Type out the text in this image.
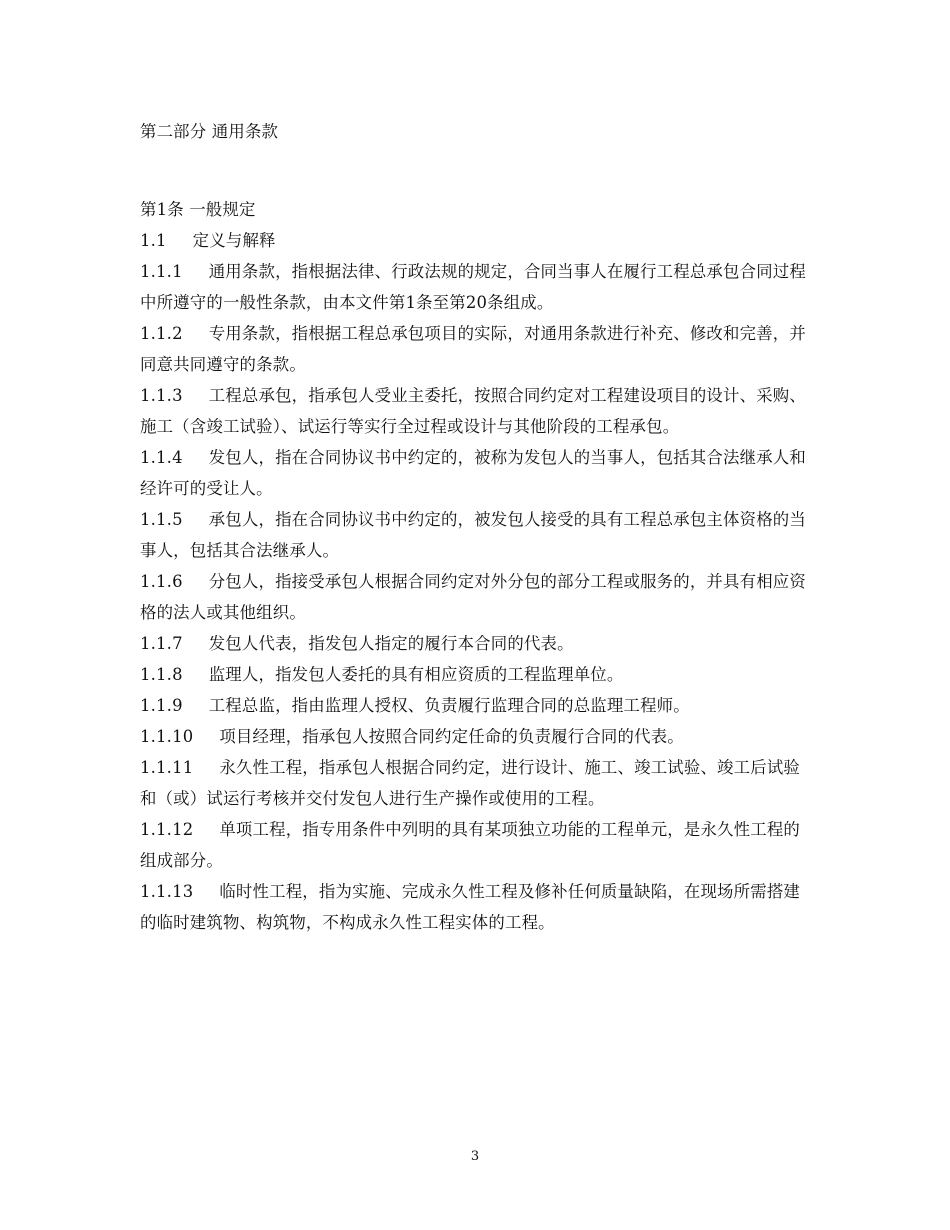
第二部分 通用条款

第1条 一般规定

1.1 定义与解释

1.1.1 通用条款，指根据法律、行政法规的规定，合同当事人在履行工程总承包合同过程中所遵守的一般性条款，由本文件第1条至第20条组成。

1.1.2 专用条款，指根据工程总承包项目的实际，对通用条款进行补充、修改和完善，并同意共同遵守的条款。

1.1.3 工程总承包，指承包人受业主委托，按照合同约定对工程建设项目的设计、采购、施工（含竣工试验）、试运行等实行全过程或设计与其他阶段的工程承包。

1.1.4 发包人，指在合同协议书中约定的，被称为发包人的当事人，包括其合法继承人和经许可的受让人。

1.1.5 承包人，指在合同协议书中约定的，被发包人接受的具有工程总承包主体资格的当事人，包括其合法继承人。

1.1.6 分包人，指接受承包人根据合同约定对外分包的部分工程或服务的，并具有相应资格的法人或其他组织。

1.1.7 发包人代表，指发包人指定的履行本合同的代表。

1.1.8 监理人，指发包人委托的具有相应资质的工程监理单位。

1.1.9 工程总监，指由监理人授权、负责履行监理合同的总监理工程师。

1.1.10 项目经理，指承包人按照合同约定任命的负责履行合同的代表。

1.1.11 永久性工程，指承包人根据合同约定，进行设计、施工、竣工试验、竣工后试验和（或）试运行考核并交付发包人进行生产操作或使用的工程。

1.1.12 单项工程，指专用条件中列明的具有某项独立功能的工程单元，是永久性工程的组成部分。

1.1.13 临时性工程，指为实施、完成永久性工程及修补任何质量缺陷，在现场所需搭建的临时建筑物、构筑物，不构成永久性工程实体的工程。

3
